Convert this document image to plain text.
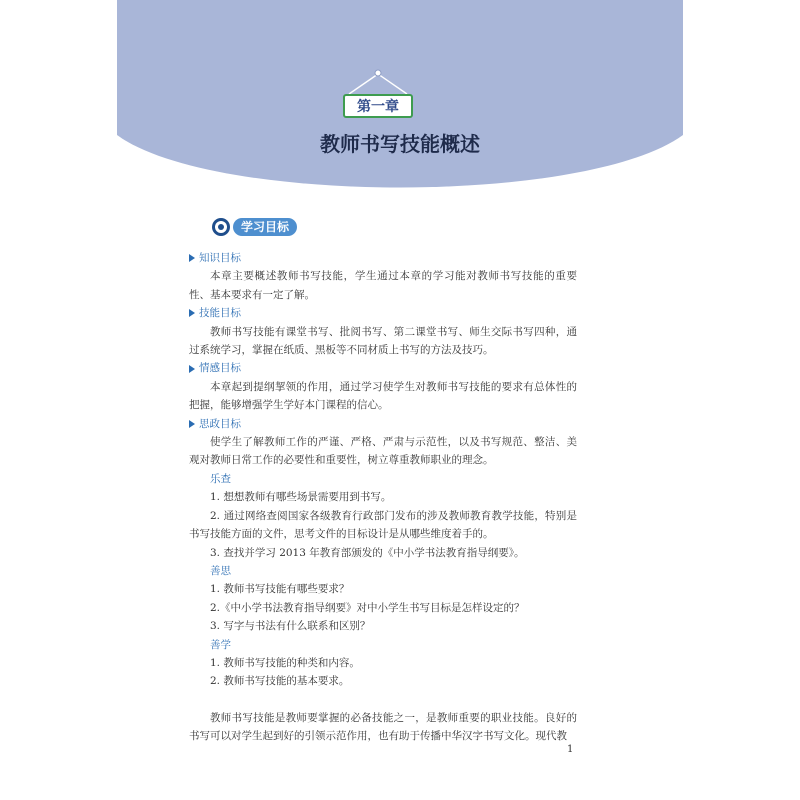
第一章
教师书写技能概述
学习目标
知识目标

本章主要概述教师书写技能，学生通过本章的学习能对教师书写技能的重要性、基本要求有一定了解。

技能目标

教师书写技能有课堂书写、批阅书写、第二课堂书写、师生交际书写四种，通过系统学习，掌握在纸质、黑板等不同材质上书写的方法及技巧。

情感目标

本章起到提纲挈领的作用，通过学习使学生对教师书写技能的要求有总体性的把握，能够增强学生学好本门课程的信心。

思政目标

使学生了解教师工作的严谨、严格、严肃与示范性，以及书写规范、整洁、美观对教师日常工作的必要性和重要性，树立尊重教师职业的理念。

乐查

1. 想想教师有哪些场景需要用到书写。

2. 通过网络查阅国家各级教育行政部门发布的涉及教师教育教学技能，特别是书写技能方面的文件，思考文件的目标设计是从哪些维度着手的。

3. 查找并学习 2013 年教育部颁发的《中小学书法教育指导纲要》。

善思

1. 教师书写技能有哪些要求？

2.《中小学书法教育指导纲要》对中小学生书写目标是怎样设定的？

3. 写字与书法有什么联系和区别？

善学

1. 教师书写技能的种类和内容。

2. 教师书写技能的基本要求。

教师书写技能是教师要掌握的必备技能之一，是教师重要的职业技能。良好的书写可以对学生起到好的引领示范作用，也有助于传播中华汉字书写文化。现代教

1
